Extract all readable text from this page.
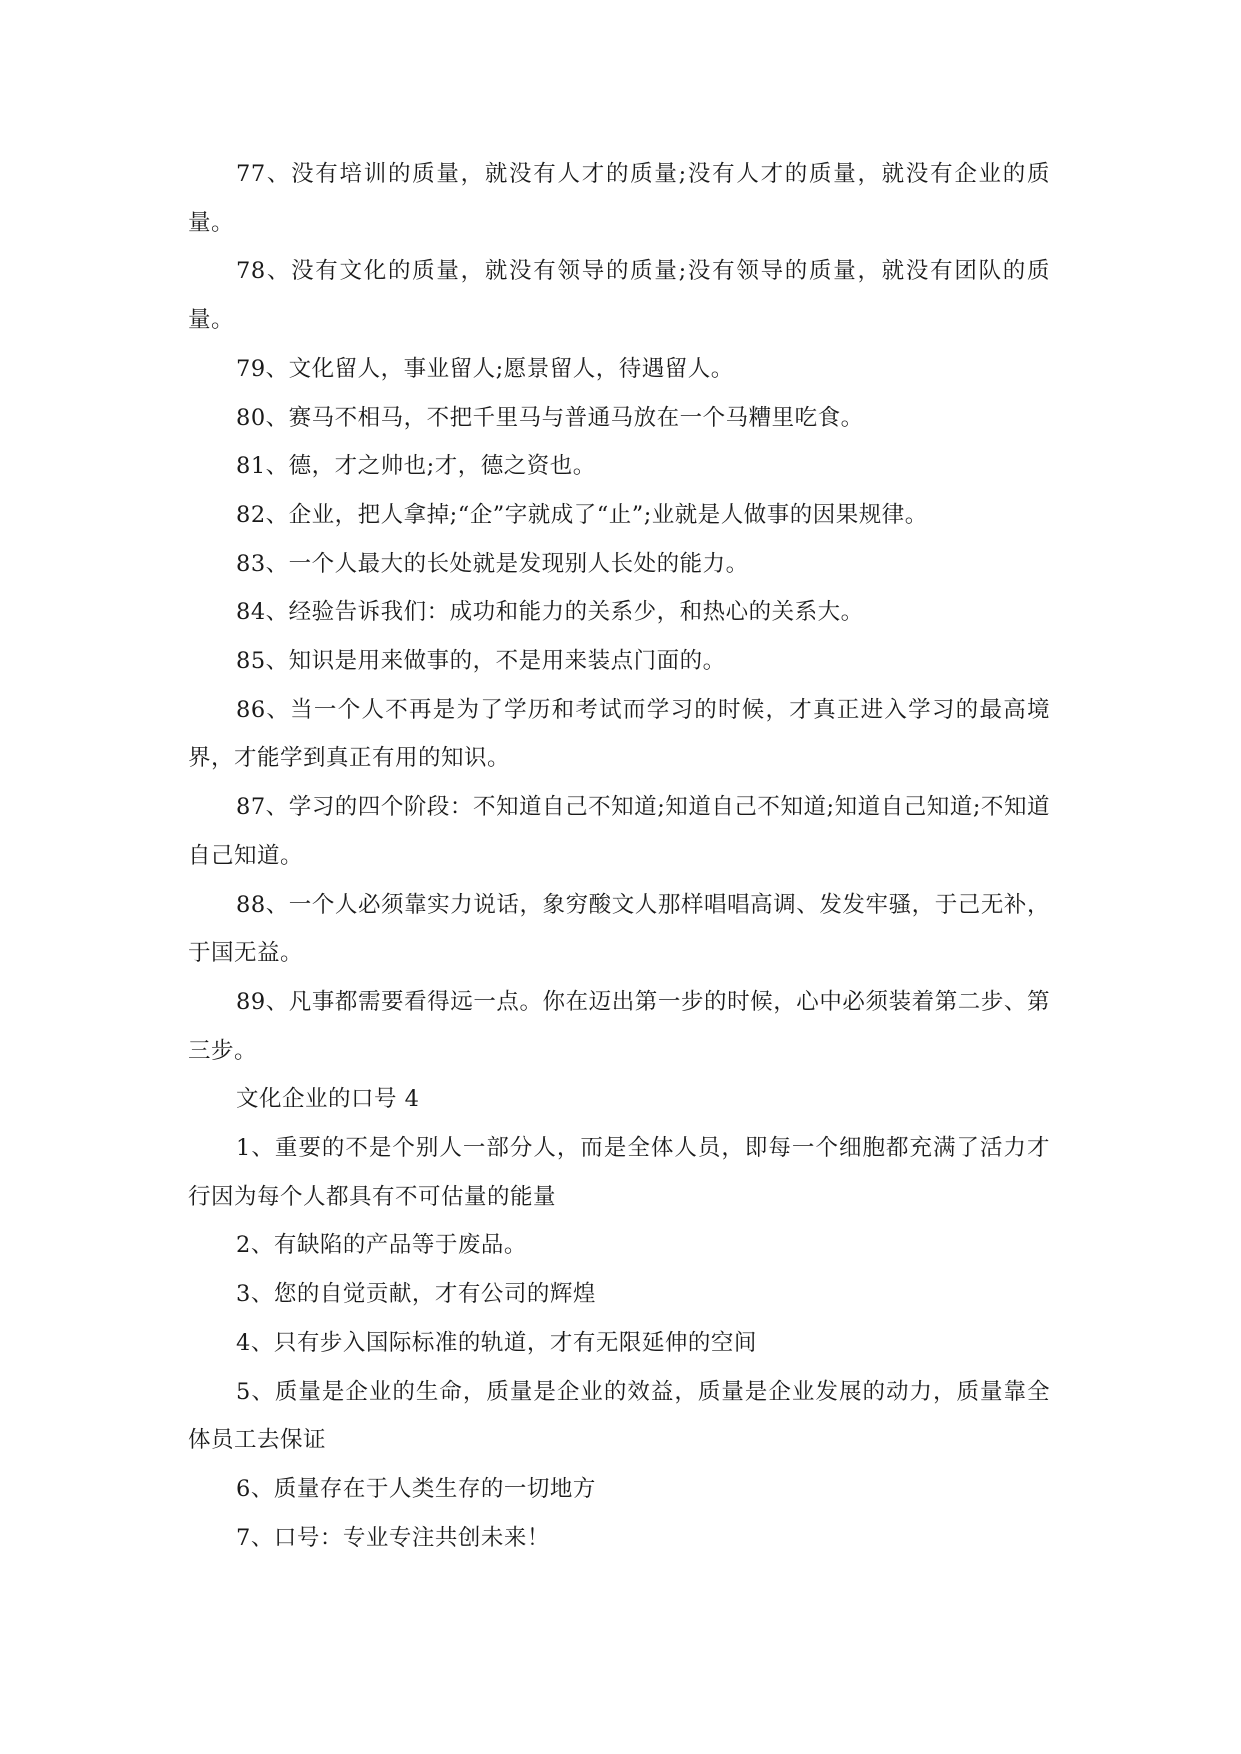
77、没有培训的质量，就没有人才的质量;没有人才的质量，就没有企业的质量。

78、没有文化的质量，就没有领导的质量;没有领导的质量，就没有团队的质量。

79、文化留人，事业留人;愿景留人，待遇留人。

80、赛马不相马，不把千里马与普通马放在一个马糟里吃食。

81、德，才之帅也;才，德之资也。

82、企业，把人拿掉;“企”字就成了“止”;业就是人做事的因果规律。

83、一个人最大的长处就是发现别人长处的能力。

84、经验告诉我们：成功和能力的关系少，和热心的关系大。

85、知识是用来做事的，不是用来装点门面的。

86、当一个人不再是为了学历和考试而学习的时候，才真正进入学习的最高境界，才能学到真正有用的知识。

87、学习的四个阶段：不知道自己不知道;知道自己不知道;知道自己知道;不知道自己知道。

88、一个人必须靠实力说话，象穷酸文人那样唱唱高调、发发牢骚，于己无补，于国无益。

89、凡事都需要看得远一点。你在迈出第一步的时候，心中必须装着第二步、第三步。

文化企业的口号 4

1、重要的不是个别人一部分人，而是全体人员，即每一个细胞都充满了活力才行因为每个人都具有不可估量的能量

2、有缺陷的产品等于废品。

3、您的自觉贡献，才有公司的辉煌

4、只有步入国际标准的轨道，才有无限延伸的空间

5、质量是企业的生命，质量是企业的效益，质量是企业发展的动力，质量靠全体员工去保证

6、质量存在于人类生存的一切地方

7、口号：专业专注共创未来！
